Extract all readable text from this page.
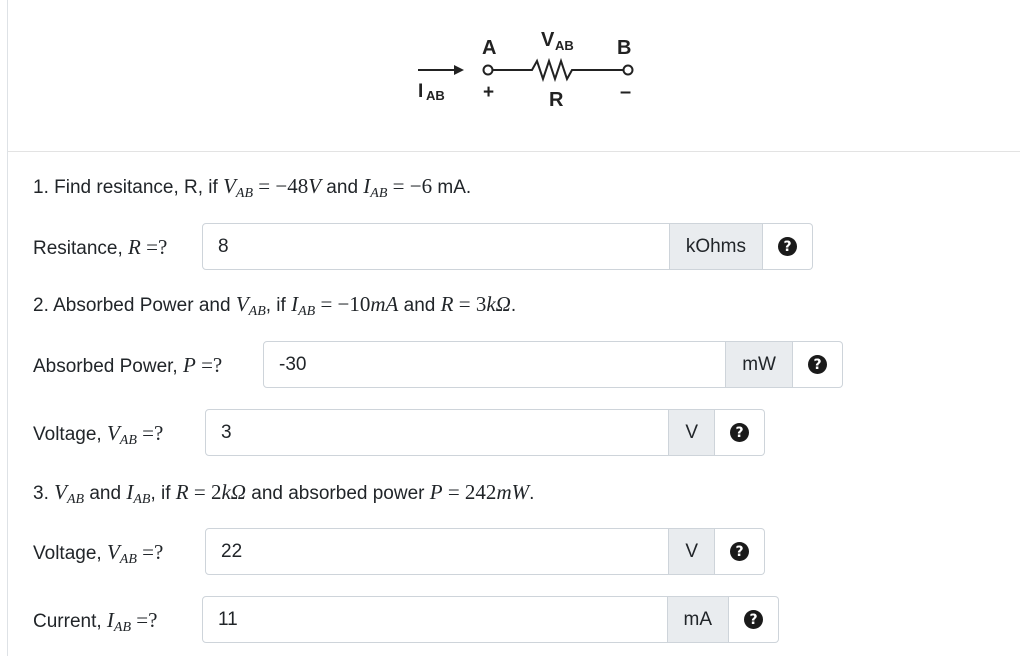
I AB
A
+
V AB B
–
R
1. Find resitance, R, if $V_{AB} = -48V$ and $I_{AB} = -6$ mA.
Resitance, R =?
8	kOhms	?
2. Absorbed Power and $V_{AB}$, if $I_{AB} = -10mA$ and R = 3kΩ.
Absorbed Power, P =?
-30	mW	?
Voltage, $V_{AB}$ =?
3	V	?
3. $V_{AB}$ and $I_{AB}$, if R = 2kΩ and absorbed power P = 242mW.
Voltage, $V_{AB}$ =?
22	V	?
Current, $I_{AB}$ =?
11	mA	?
